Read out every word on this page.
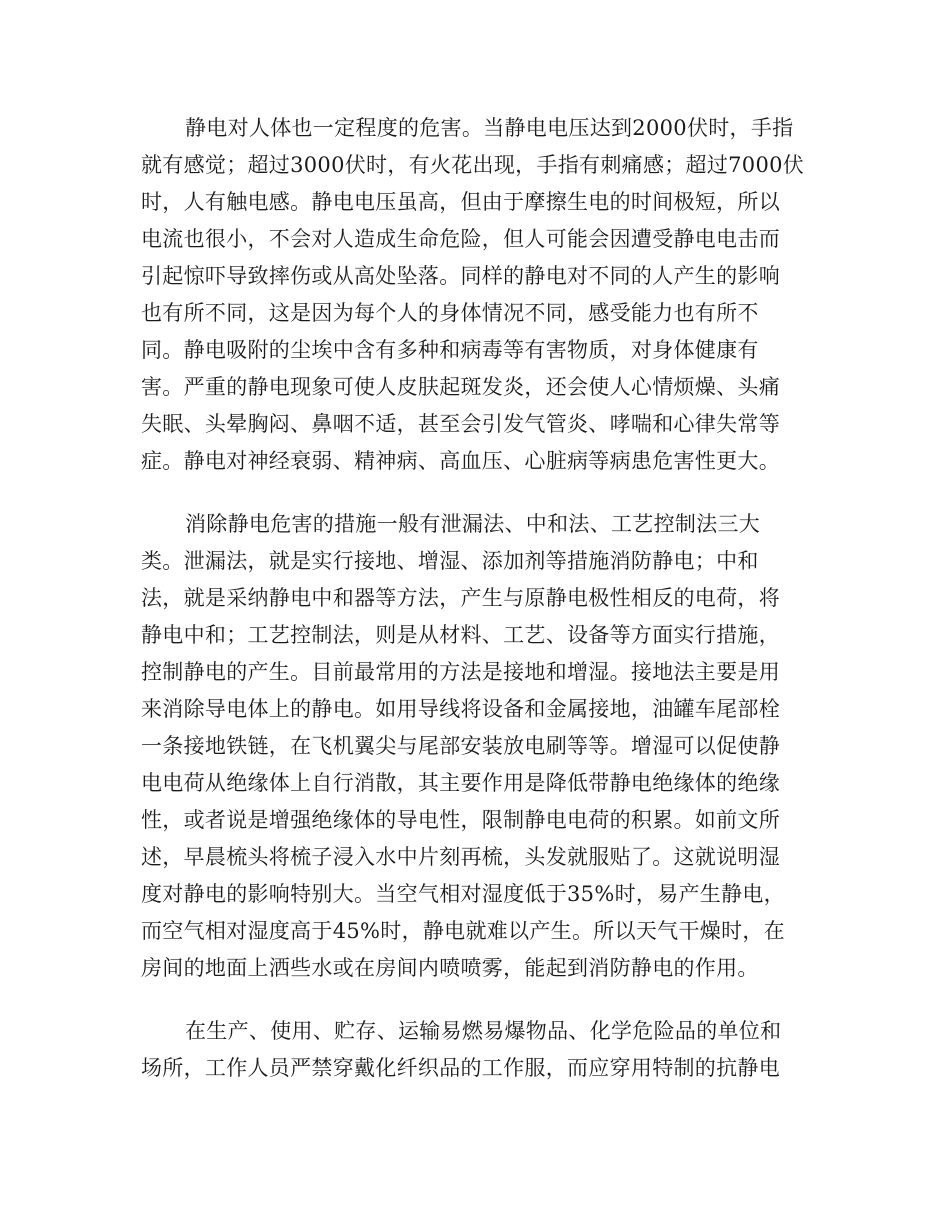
静电对人体也一定程度的危害。当静电电压达到2000伏时，手指
就有感觉；超过3000伏时，有火花出现，手指有刺痛感；超过7000伏
时，人有触电感。静电电压虽高，但由于摩擦生电的时间极短，所以
电流也很小，不会对人造成生命危险，但人可能会因遭受静电电击而
引起惊吓导致摔伤或从高处坠落。同样的静电对不同的人产生的影响
也有所不同，这是因为每个人的身体情况不同，感受能力也有所不
同。静电吸附的尘埃中含有多种和病毒等有害物质，对身体健康有
害。严重的静电现象可使人皮肤起斑发炎，还会使人心情烦燥、头痛
失眠、头晕胸闷、鼻咽不适，甚至会引发气管炎、哮喘和心律失常等
症。静电对神经衰弱、精神病、高血压、心脏病等病患危害性更大。

消除静电危害的措施一般有泄漏法、中和法、工艺控制法三大
类。泄漏法，就是实行接地、增湿、添加剂等措施消防静电；中和
法，就是采纳静电中和器等方法，产生与原静电极性相反的电荷，将
静电中和；工艺控制法，则是从材料、工艺、设备等方面实行措施，
控制静电的产生。目前最常用的方法是接地和增湿。接地法主要是用
来消除导电体上的静电。如用导线将设备和金属接地，油罐车尾部栓
一条接地铁链，在飞机翼尖与尾部安装放电刷等等。增湿可以促使静
电电荷从绝缘体上自行消散，其主要作用是降低带静电绝缘体的绝缘
性，或者说是增强绝缘体的导电性，限制静电电荷的积累。如前文所
述，早晨梳头将梳子浸入水中片刻再梳，头发就服贴了。这就说明湿
度对静电的影响特别大。当空气相对湿度低于35%时，易产生静电，
而空气相对湿度高于45%时，静电就难以产生。所以天气干燥时，在
房间的地面上洒些水或在房间内喷喷雾，能起到消防静电的作用。

在生产、使用、贮存、运输易燃易爆物品、化学危险品的单位和
场所，工作人员严禁穿戴化纤织品的工作服，而应穿用特制的抗静电
